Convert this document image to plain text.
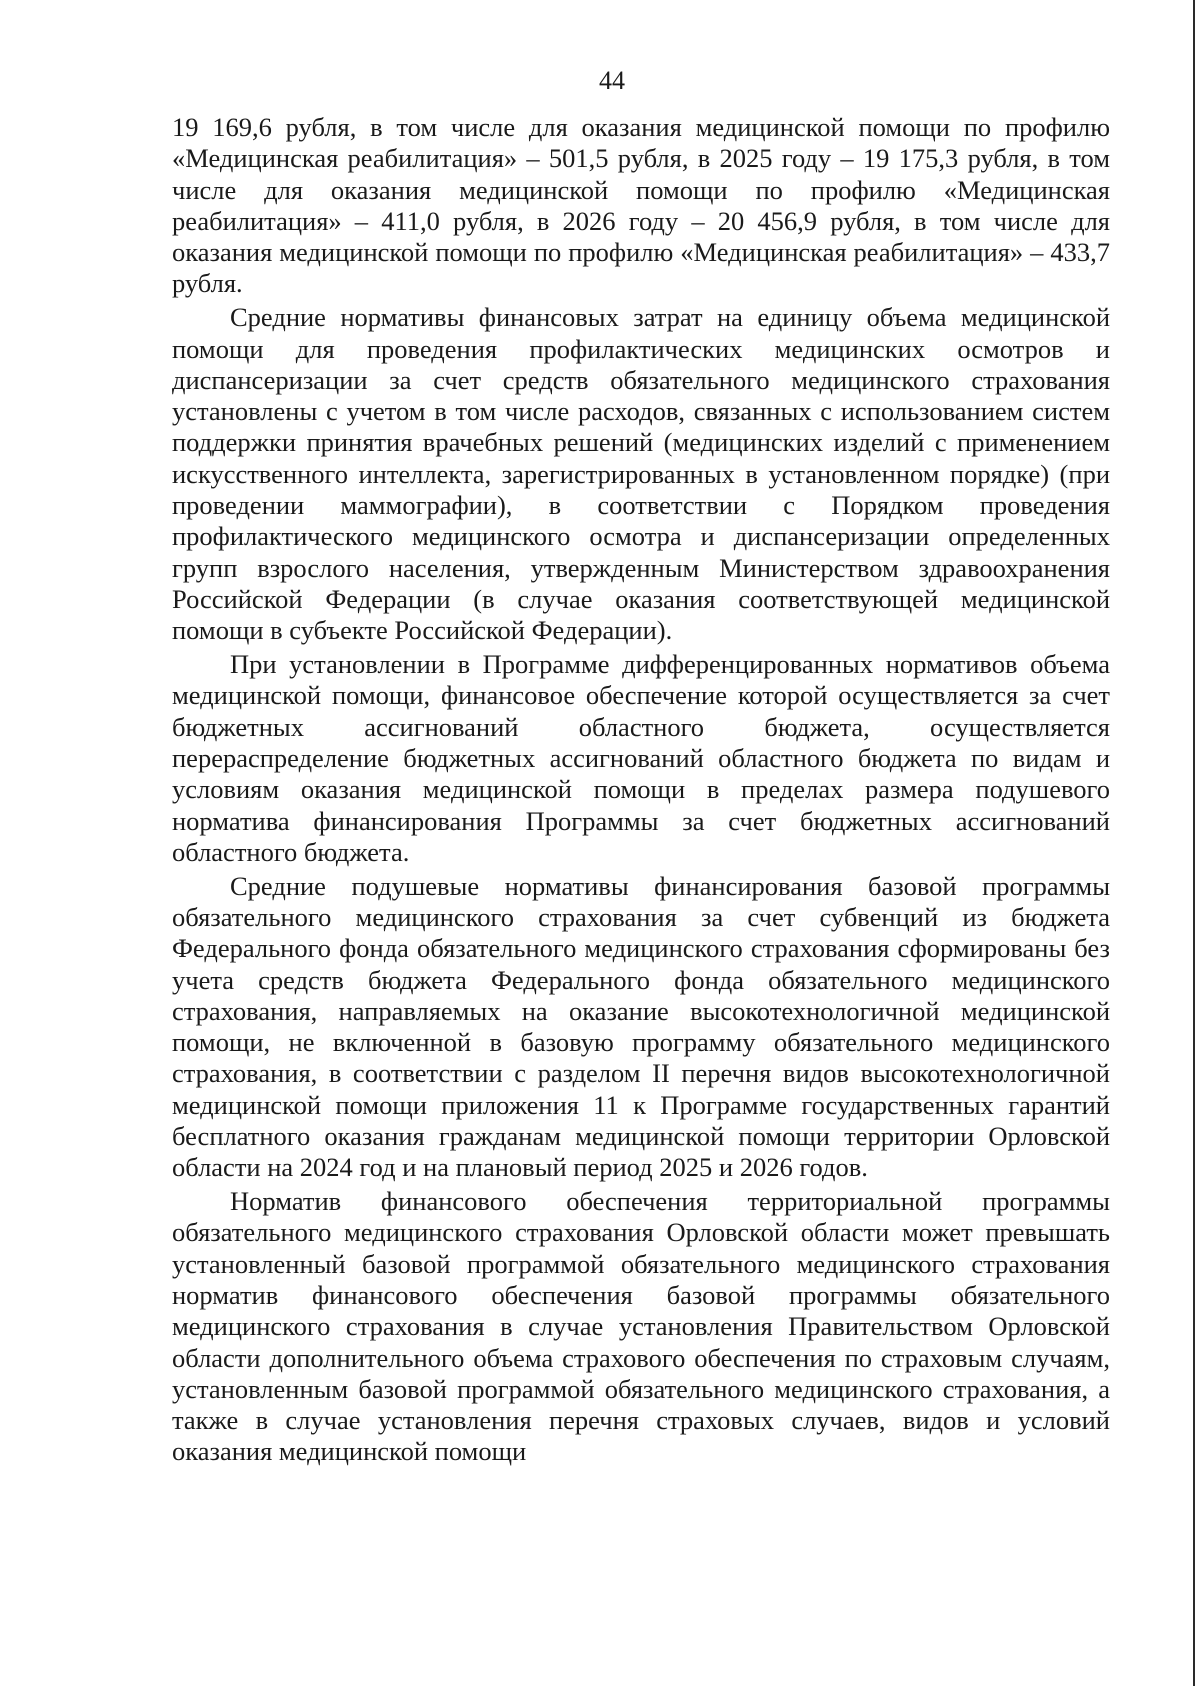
44

19 169,6 рубля, в том числе для оказания медицинской помощи по профилю «Медицинская реабилитация» – 501,5 рубля, в 2025 году – 19 175,3 рубля, в том числе для оказания медицинской помощи по профилю «Медицинская реабилитация» – 411,0 рубля, в 2026 году – 20 456,9 рубля, в том числе для оказания медицинской помощи по профилю «Медицинская реабилитация» – 433,7 рубля.

Средние нормативы финансовых затрат на единицу объема медицинской помощи для проведения профилактических медицинских осмотров и диспансеризации за счет средств обязательного медицинского страхования установлены с учетом в том числе расходов, связанных с использованием систем поддержки принятия врачебных решений (медицинских изделий с применением искусственного интеллекта, зарегистрированных в установленном порядке) (при проведении маммографии), в соответствии с Порядком проведения профилактического медицинского осмотра и диспансеризации определенных групп взрослого населения, утвержденным Министерством здравоохранения Российской Федерации (в случае оказания соответствующей медицинской помощи в субъекте Российской Федерации).

При установлении в Программе дифференцированных нормативов объема медицинской помощи, финансовое обеспечение которой осуществляется за счет бюджетных ассигнований областного бюджета, осуществляется перераспределение бюджетных ассигнований областного бюджета по видам и условиям оказания медицинской помощи в пределах размера подушевого норматива финансирования Программы за счет бюджетных ассигнований областного бюджета.

Средние подушевые нормативы финансирования базовой программы обязательного медицинского страхования за счет субвенций из бюджета Федерального фонда обязательного медицинского страхования сформированы без учета средств бюджета Федерального фонда обязательного медицинского страхования, направляемых на оказание высокотехнологичной медицинской помощи, не включенной в базовую программу обязательного медицинского страхования, в соответствии с разделом II перечня видов высокотехнологичной медицинской помощи приложения 11 к Программе государственных гарантий бесплатного оказания гражданам медицинской помощи территории Орловской области на 2024 год и на плановый период 2025 и 2026 годов.

Норматив финансового обеспечения территориальной программы обязательного медицинского страхования Орловской области может превышать установленный базовой программой обязательного медицинского страхования норматив финансового обеспечения базовой программы обязательного медицинского страхования в случае установления Правительством Орловской области дополнительного объема страхового обеспечения по страховым случаям, установленным базовой программой обязательного медицинского страхования, а также в случае установления перечня страховых случаев, видов и условий оказания медицинской помощи
